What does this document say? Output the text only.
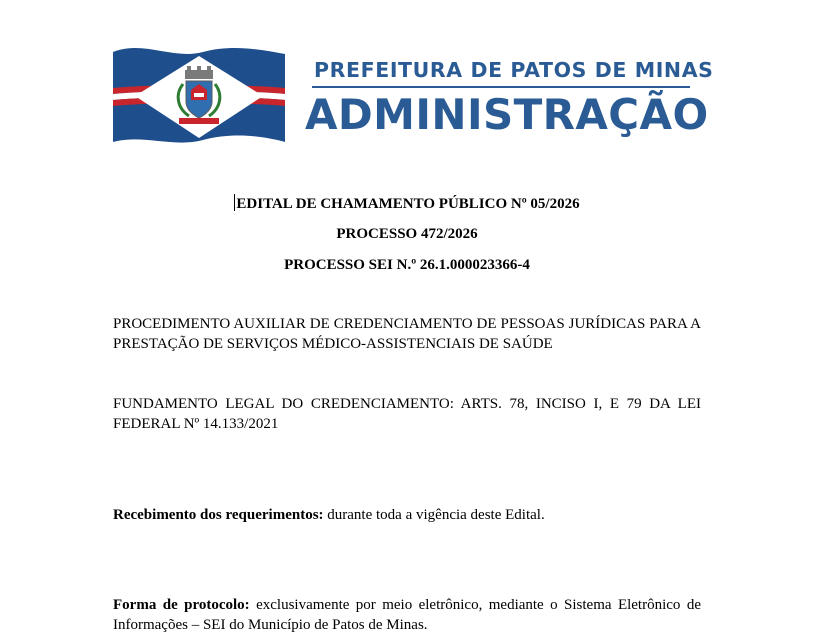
PREFEITURA DE PATOS DE MINAS
ADMINISTRAÇÃO
EDITAL DE CHAMAMENTO PÚBLICO Nº 05/2026
PROCESSO 472/2026
PROCESSO SEI N.º 26.1.000023366-4
PROCEDIMENTO AUXILIAR DE CREDENCIAMENTO DE PESSOAS JURÍDICAS PARA A PRESTAÇÃO DE SERVIÇOS MÉDICO-ASSISTENCIAIS DE SAÚDE
FUNDAMENTO LEGAL DO CREDENCIAMENTO: ARTS. 78, INCISO I, E 79 DA LEI FEDERAL Nº 14.133/2021
Recebimento dos requerimentos: durante toda a vigência deste Edital.
Forma de protocolo: exclusivamente por meio eletrônico, mediante o Sistema Eletrônico de Informações – SEI do Município de Patos de Minas.
